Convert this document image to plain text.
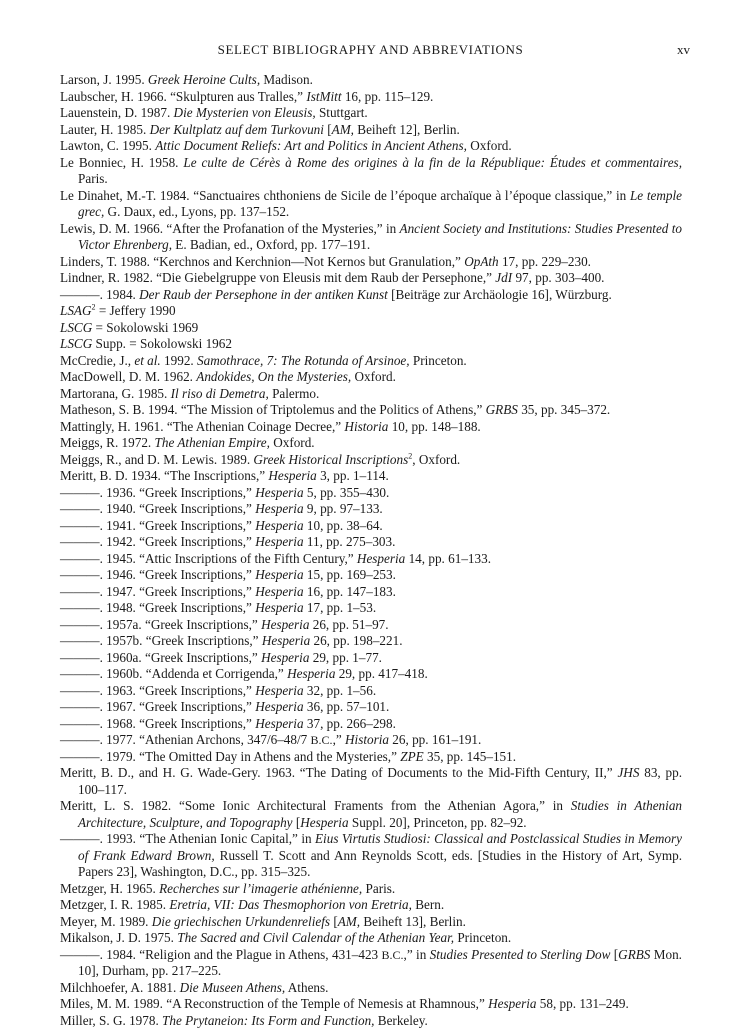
SELECT BIBLIOGRAPHY AND ABBREVIATIONS	xv

Larson, J. 1995. Greek Heroine Cults, Madison.

Laubscher, H. 1966. “Skulpturen aus Tralles,” IstMitt 16, pp. 115–129.

Lauenstein, D. 1987. Die Mysterien von Eleusis, Stuttgart.

Lauter, H. 1985. Der Kultplatz auf dem Turkovuni [AM, Beiheft 12], Berlin.

Lawton, C. 1995. Attic Document Reliefs: Art and Politics in Ancient Athens, Oxford.

Le Bonniec, H. 1958. Le culte de Cérès à Rome des origines à la fin de la République: Études et commentaires, Paris.

Le Dinahet, M.-T. 1984. “Sanctuaires chthoniens de Sicile de l’époque archaïque à l’époque classique,” in Le temple grec, G. Daux, ed., Lyons, pp. 137–152.

Lewis, D. M. 1966. “After the Profanation of the Mysteries,” in Ancient Society and Institutions: Studies Presented to Victor Ehrenberg, E. Badian, ed., Oxford, pp. 177–191.

Linders, T. 1988. “Kerchnos and Kerchnion—Not Kernos but Granulation,” OpAth 17, pp. 229–230.

Lindner, R. 1982. “Die Giebelgruppe von Eleusis mit dem Raub der Persephone,” JdI 97, pp. 303–400.

———. 1984. Der Raub der Persephone in der antiken Kunst [Beiträge zur Archäologie 16], Würzburg.

$LSAG^2$ = Jeffery 1990

LSCG = Sokolowski 1969

LSCG Supp. = Sokolowski 1962

McCredie, J., et al. 1992. Samothrace, 7: The Rotunda of Arsinoe, Princeton.

MacDowell, D. M. 1962. Andokides, On the Mysteries, Oxford.

Martorana, G. 1985. Il riso di Demetra, Palermo.

Matheson, S. B. 1994. “The Mission of Triptolemus and the Politics of Athens,” GRBS 35, pp. 345–372.

Mattingly, H. 1961. “The Athenian Coinage Decree,” Historia 10, pp. 148–188.

Meiggs, R. 1972. The Athenian Empire, Oxford.

Meiggs, R., and D. M. Lewis. 1989. Greek Historical Inscriptions$^2$, Oxford.

Meritt, B. D. 1934. “The Inscriptions,” Hesperia 3, pp. 1–114.

———. 1936. “Greek Inscriptions,” Hesperia 5, pp. 355–430.

———. 1940. “Greek Inscriptions,” Hesperia 9, pp. 97–133.

———. 1941. “Greek Inscriptions,” Hesperia 10, pp. 38–64.

———. 1942. “Greek Inscriptions,” Hesperia 11, pp. 275–303.

———. 1945. “Attic Inscriptions of the Fifth Century,” Hesperia 14, pp. 61–133.

———. 1946. “Greek Inscriptions,” Hesperia 15, pp. 169–253.

———. 1947. “Greek Inscriptions,” Hesperia 16, pp. 147–183.

———. 1948. “Greek Inscriptions,” Hesperia 17, pp. 1–53.

———. 1957a. “Greek Inscriptions,” Hesperia 26, pp. 51–97.

———. 1957b. “Greek Inscriptions,” Hesperia 26, pp. 198–221.

———. 1960a. “Greek Inscriptions,” Hesperia 29, pp. 1–77.

———. 1960b. “Addenda et Corrigenda,” Hesperia 29, pp. 417–418.

———. 1963. “Greek Inscriptions,” Hesperia 32, pp. 1–56.

———. 1967. “Greek Inscriptions,” Hesperia 36, pp. 57–101.

———. 1968. “Greek Inscriptions,” Hesperia 37, pp. 266–298.

———. 1977. “Athenian Archons, 347/6–48/7 B.C.,” Historia 26, pp. 161–191.

———. 1979. “The Omitted Day in Athens and the Mysteries,” ZPE 35, pp. 145–151.

Meritt, B. D., and H. G. Wade-Gery. 1963. “The Dating of Documents to the Mid-Fifth Century, II,” JHS 83, pp. 100–117.

Meritt, L. S. 1982. “Some Ionic Architectural Framents from the Athenian Agora,” in Studies in Athenian Architecture, Sculpture, and Topography [Hesperia Suppl. 20], Princeton, pp. 82–92.

———. 1993. “The Athenian Ionic Capital,” in Eius Virtutis Studiosi: Classical and Postclassical Studies in Memory of Frank Edward Brown, Russell T. Scott and Ann Reynolds Scott, eds. [Studies in the History of Art, Symp. Papers 23], Washington, D.C., pp. 315–325.

Metzger, H. 1965. Recherches sur l’imagerie athénienne, Paris.

Metzger, I. R. 1985. Eretria, VII: Das Thesmophorion von Eretria, Bern.

Meyer, M. 1989. Die griechischen Urkundenreliefs [AM, Beiheft 13], Berlin.

Mikalson, J. D. 1975. The Sacred and Civil Calendar of the Athenian Year, Princeton.

———. 1984. “Religion and the Plague in Athens, 431–423 B.C.,” in Studies Presented to Sterling Dow [GRBS Mon. 10], Durham, pp. 217–225.

Milchhoefer, A. 1881. Die Museen Athens, Athens.

Miles, M. M. 1989. “A Reconstruction of the Temple of Nemesis at Rhamnous,” Hesperia 58, pp. 131–249.

Miller, S. G. 1978. The Prytaneion: Its Form and Function, Berkeley.
